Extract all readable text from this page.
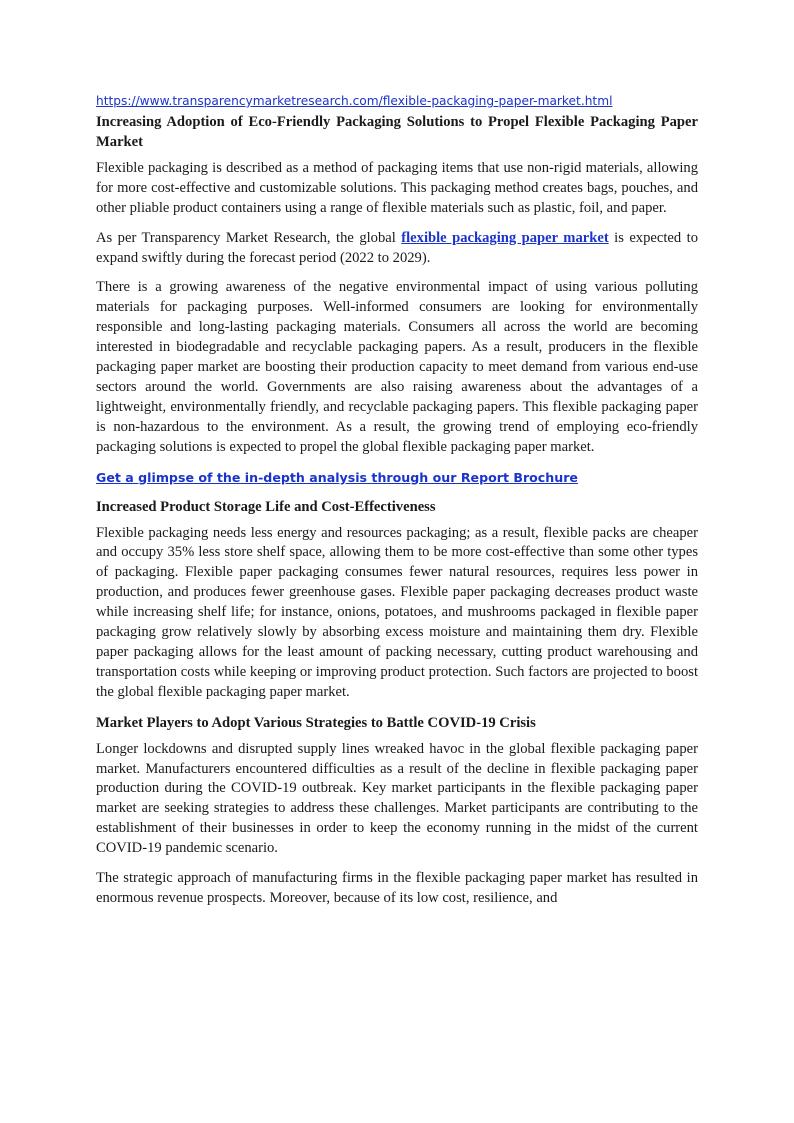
https://www.transparencymarketresearch.com/flexible-packaging-paper-market.html
Increasing Adoption of Eco-Friendly Packaging Solutions to Propel Flexible Packaging Paper Market

Flexible packaging is described as a method of packaging items that use non-rigid materials, allowing for more cost-effective and customizable solutions. This packaging method creates bags, pouches, and other pliable product containers using a range of flexible materials such as plastic, foil, and paper.

As per Transparency Market Research, the global flexible packaging paper market is expected to expand swiftly during the forecast period (2022 to 2029).

There is a growing awareness of the negative environmental impact of using various polluting materials for packaging purposes. Well-informed consumers are looking for environmentally responsible and long-lasting packaging materials. Consumers all across the world are becoming interested in biodegradable and recyclable packaging papers. As a result, producers in the flexible packaging paper market are boosting their production capacity to meet demand from various end-use sectors around the world. Governments are also raising awareness about the advantages of a lightweight, environmentally friendly, and recyclable packaging papers. This flexible packaging paper is non-hazardous to the environment. As a result, the growing trend of employing eco-friendly packaging solutions is expected to propel the global flexible packaging paper market.

Get a glimpse of the in-depth analysis through our Report Brochure
Increased Product Storage Life and Cost-Effectiveness

Flexible packaging needs less energy and resources packaging; as a result, flexible packs are cheaper and occupy 35% less store shelf space, allowing them to be more cost-effective than some other types of packaging. Flexible paper packaging consumes fewer natural resources, requires less power in production, and produces fewer greenhouse gases. Flexible paper packaging decreases product waste while increasing shelf life; for instance, onions, potatoes, and mushrooms packaged in flexible paper packaging grow relatively slowly by absorbing excess moisture and maintaining them dry. Flexible paper packaging allows for the least amount of packing necessary, cutting product warehousing and transportation costs while keeping or improving product protection. Such factors are projected to boost the global flexible packaging paper market.

Market Players to Adopt Various Strategies to Battle COVID-19 Crisis

Longer lockdowns and disrupted supply lines wreaked havoc in the global flexible packaging paper market. Manufacturers encountered difficulties as a result of the decline in flexible packaging paper production during the COVID-19 outbreak. Key market participants in the flexible packaging paper market are seeking strategies to address these challenges. Market participants are contributing to the establishment of their businesses in order to keep the economy running in the midst of the current COVID-19 pandemic scenario.

The strategic approach of manufacturing firms in the flexible packaging paper market has resulted in enormous revenue prospects. Moreover, because of its low cost, resilience, and
